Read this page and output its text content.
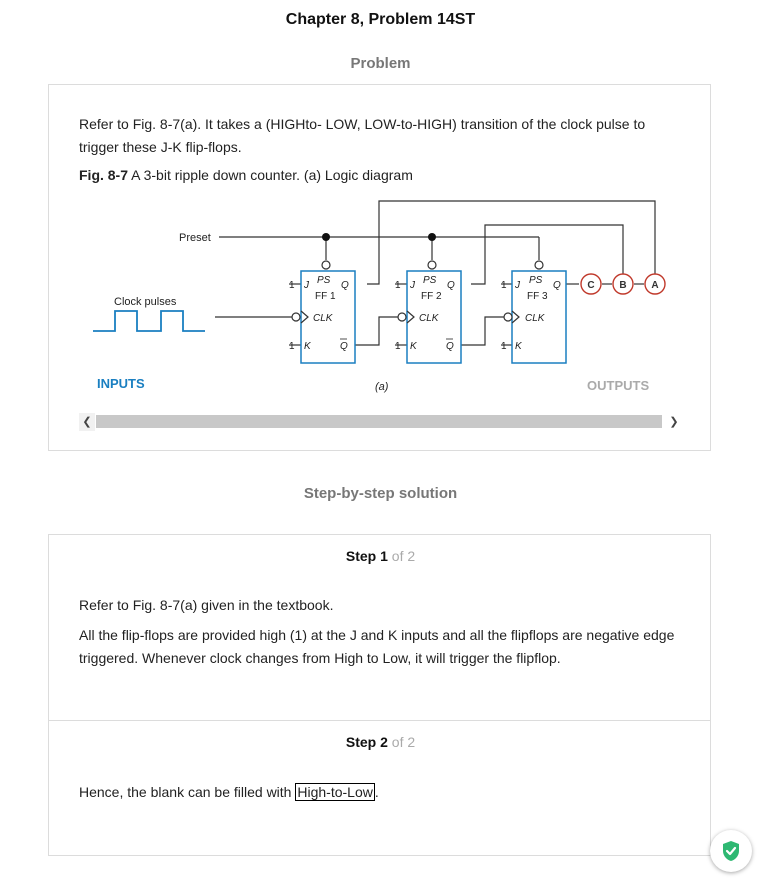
Chapter 8, Problem 14ST
Problem
Refer to Fig. 8-7(a). It takes a (HIGHto- LOW, LOW-to-HIGH) transition of the clock pulse to trigger these J-K flip-flops.
Fig. 8-7 A 3-bit ripple down counter. (a) Logic diagram
1 J PS Q
FF 1
CLK
1 K	Q
1 J PS Q
FF 2
CLK
1 K	Q
1 J PS Q
FF 3
CLK
1 K
C B A
Preset
Clock pulses
INPUTS	OUTPUTS
(a)
❮	❯
Step-by-step solution
Step 1 of 2
Refer to Fig. 8-7(a) given in the textbook.
All the flip-flops are provided high (1) at the J and K inputs and all the flipflops are negative edge triggered. Whenever clock changes from High to Low, it will trigger the flipflop.
Step 2 of 2
Hence, the blank can be filled with High-to-Low .
